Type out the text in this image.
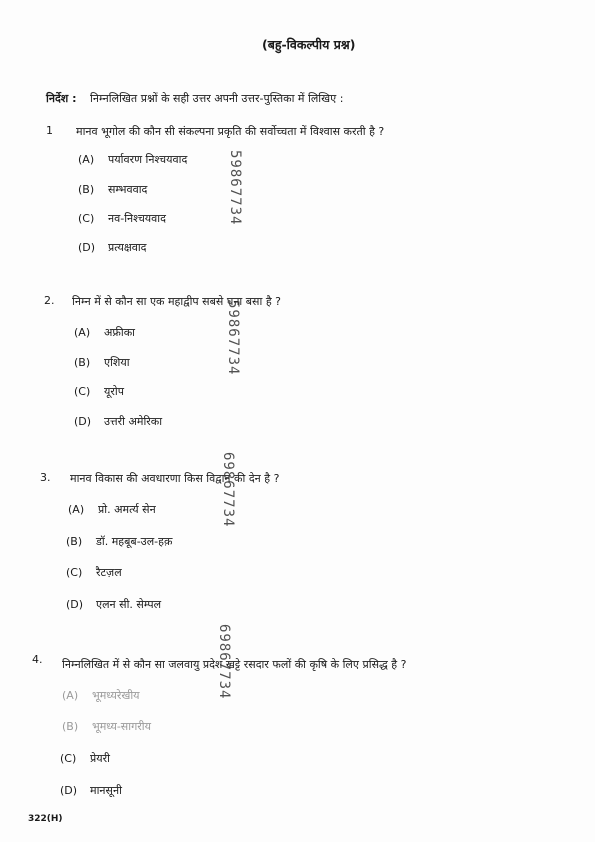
(बहु-विकल्पीय प्रश्न)
निर्देश : निम्नलिखित प्रश्नों के सही उत्तर अपनी उत्तर-पुस्तिका में लिखिए :
1 मानव भूगोल की कौन सी संकल्पना प्रकृति की सर्वोच्चता में विश्वास करती है ?
(A) पर्यावरण निश्चयवाद
(B) सम्भववाद
(C) नव-निश्चयवाद
(D) प्रत्यक्षवाद
2. निम्न में से कौन सा एक महाद्वीप सबसे घना बसा है ?
(A) अफ्रीका
(B) एशिया
(C) यूरोप
(D) उत्तरी अमेरिका
3. मानव विकास की अवधारणा किस विद्वान की देन है ?
(A) प्रो. अमर्त्य सेन
(B) डॉ. महबूब-उल-हक़
(C) रैटज़ल
(D) एलन सी. सेम्पल
4. निम्नलिखित में से कौन सा जलवायु प्रदेश खट्टे रसदार फलों की कृषि के लिए प्रसिद्ध है ?
(A) भूमध्यरेखीय
(B) भूमध्य-सागरीय
(C) प्रेयरी
(D) मानसूनी
59867734
59867734
69867734
69867734
322(H)
